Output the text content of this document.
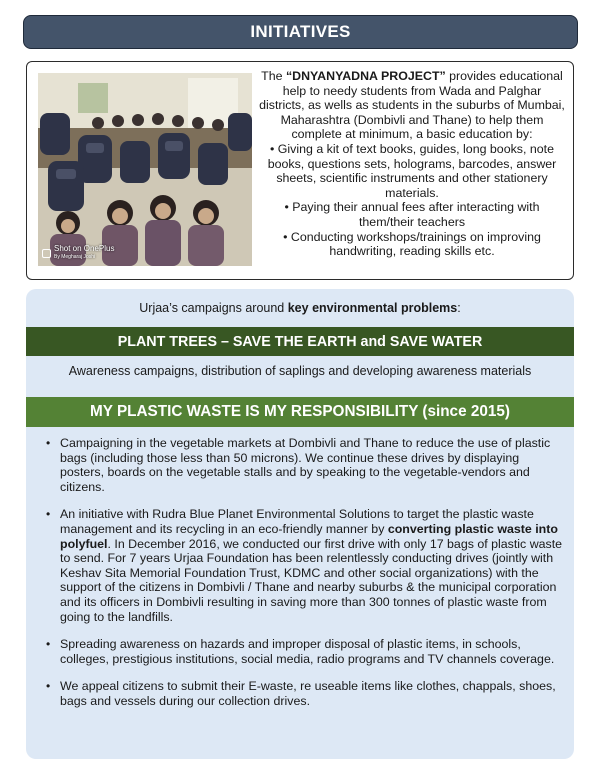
INITIATIVES
Shot on OnePlus
By Megharaj Joshi
The “DNYANYADNA PROJECT” provides educational help to needy students from Wada and Palghar districts, as wells as students in the suburbs of Mumbai, Maharashtra (Dombivli and Thane) to help them complete at minimum, a basic education by:
• Giving a kit of text books, guides, long books, note books, questions sets, holograms, barcodes, answer sheets, scientific instruments and other stationery materials.
• Paying their annual fees after interacting with them/their teachers
• Conducting workshops/trainings on improving handwriting, reading skills etc.
Urjaa’s campaigns around key environmental problems:
PLANT TREES – SAVE THE EARTH and SAVE WATER
Awareness campaigns, distribution of saplings and developing awareness materials
MY PLASTIC WASTE IS MY RESPONSIBILITY (since 2015)
• Campaigning in the vegetable markets at Dombivli and Thane to reduce the use of plastic bags (including those less than 50 microns). We continue these drives by displaying posters, boards on the vegetable stalls and by speaking to the vegetable-vendors and citizens.
• An initiative with Rudra Blue Planet Environmental Solutions to target the plastic waste management and its recycling in an eco-friendly manner by converting plastic waste into polyfuel. In December 2016, we conducted our first drive with only 17 bags of plastic waste to send. For 7 years Urjaa Foundation has been relentlessly conducting drives (jointly with Keshav Sita Memorial Foundation Trust, KDMC and other social organizations) with the support of the citizens in Dombivli / Thane and nearby suburbs & the municipal corporation and its officers in Dombivli resulting in saving more than 300 tonnes of plastic waste from going to the landfills.
• Spreading awareness on hazards and improper disposal of plastic items, in schools, colleges, prestigious institutions, social media, radio programs and TV channels coverage.
• We appeal citizens to submit their E-waste, re useable items like clothes, chappals, shoes, bags and vessels during our collection drives.
